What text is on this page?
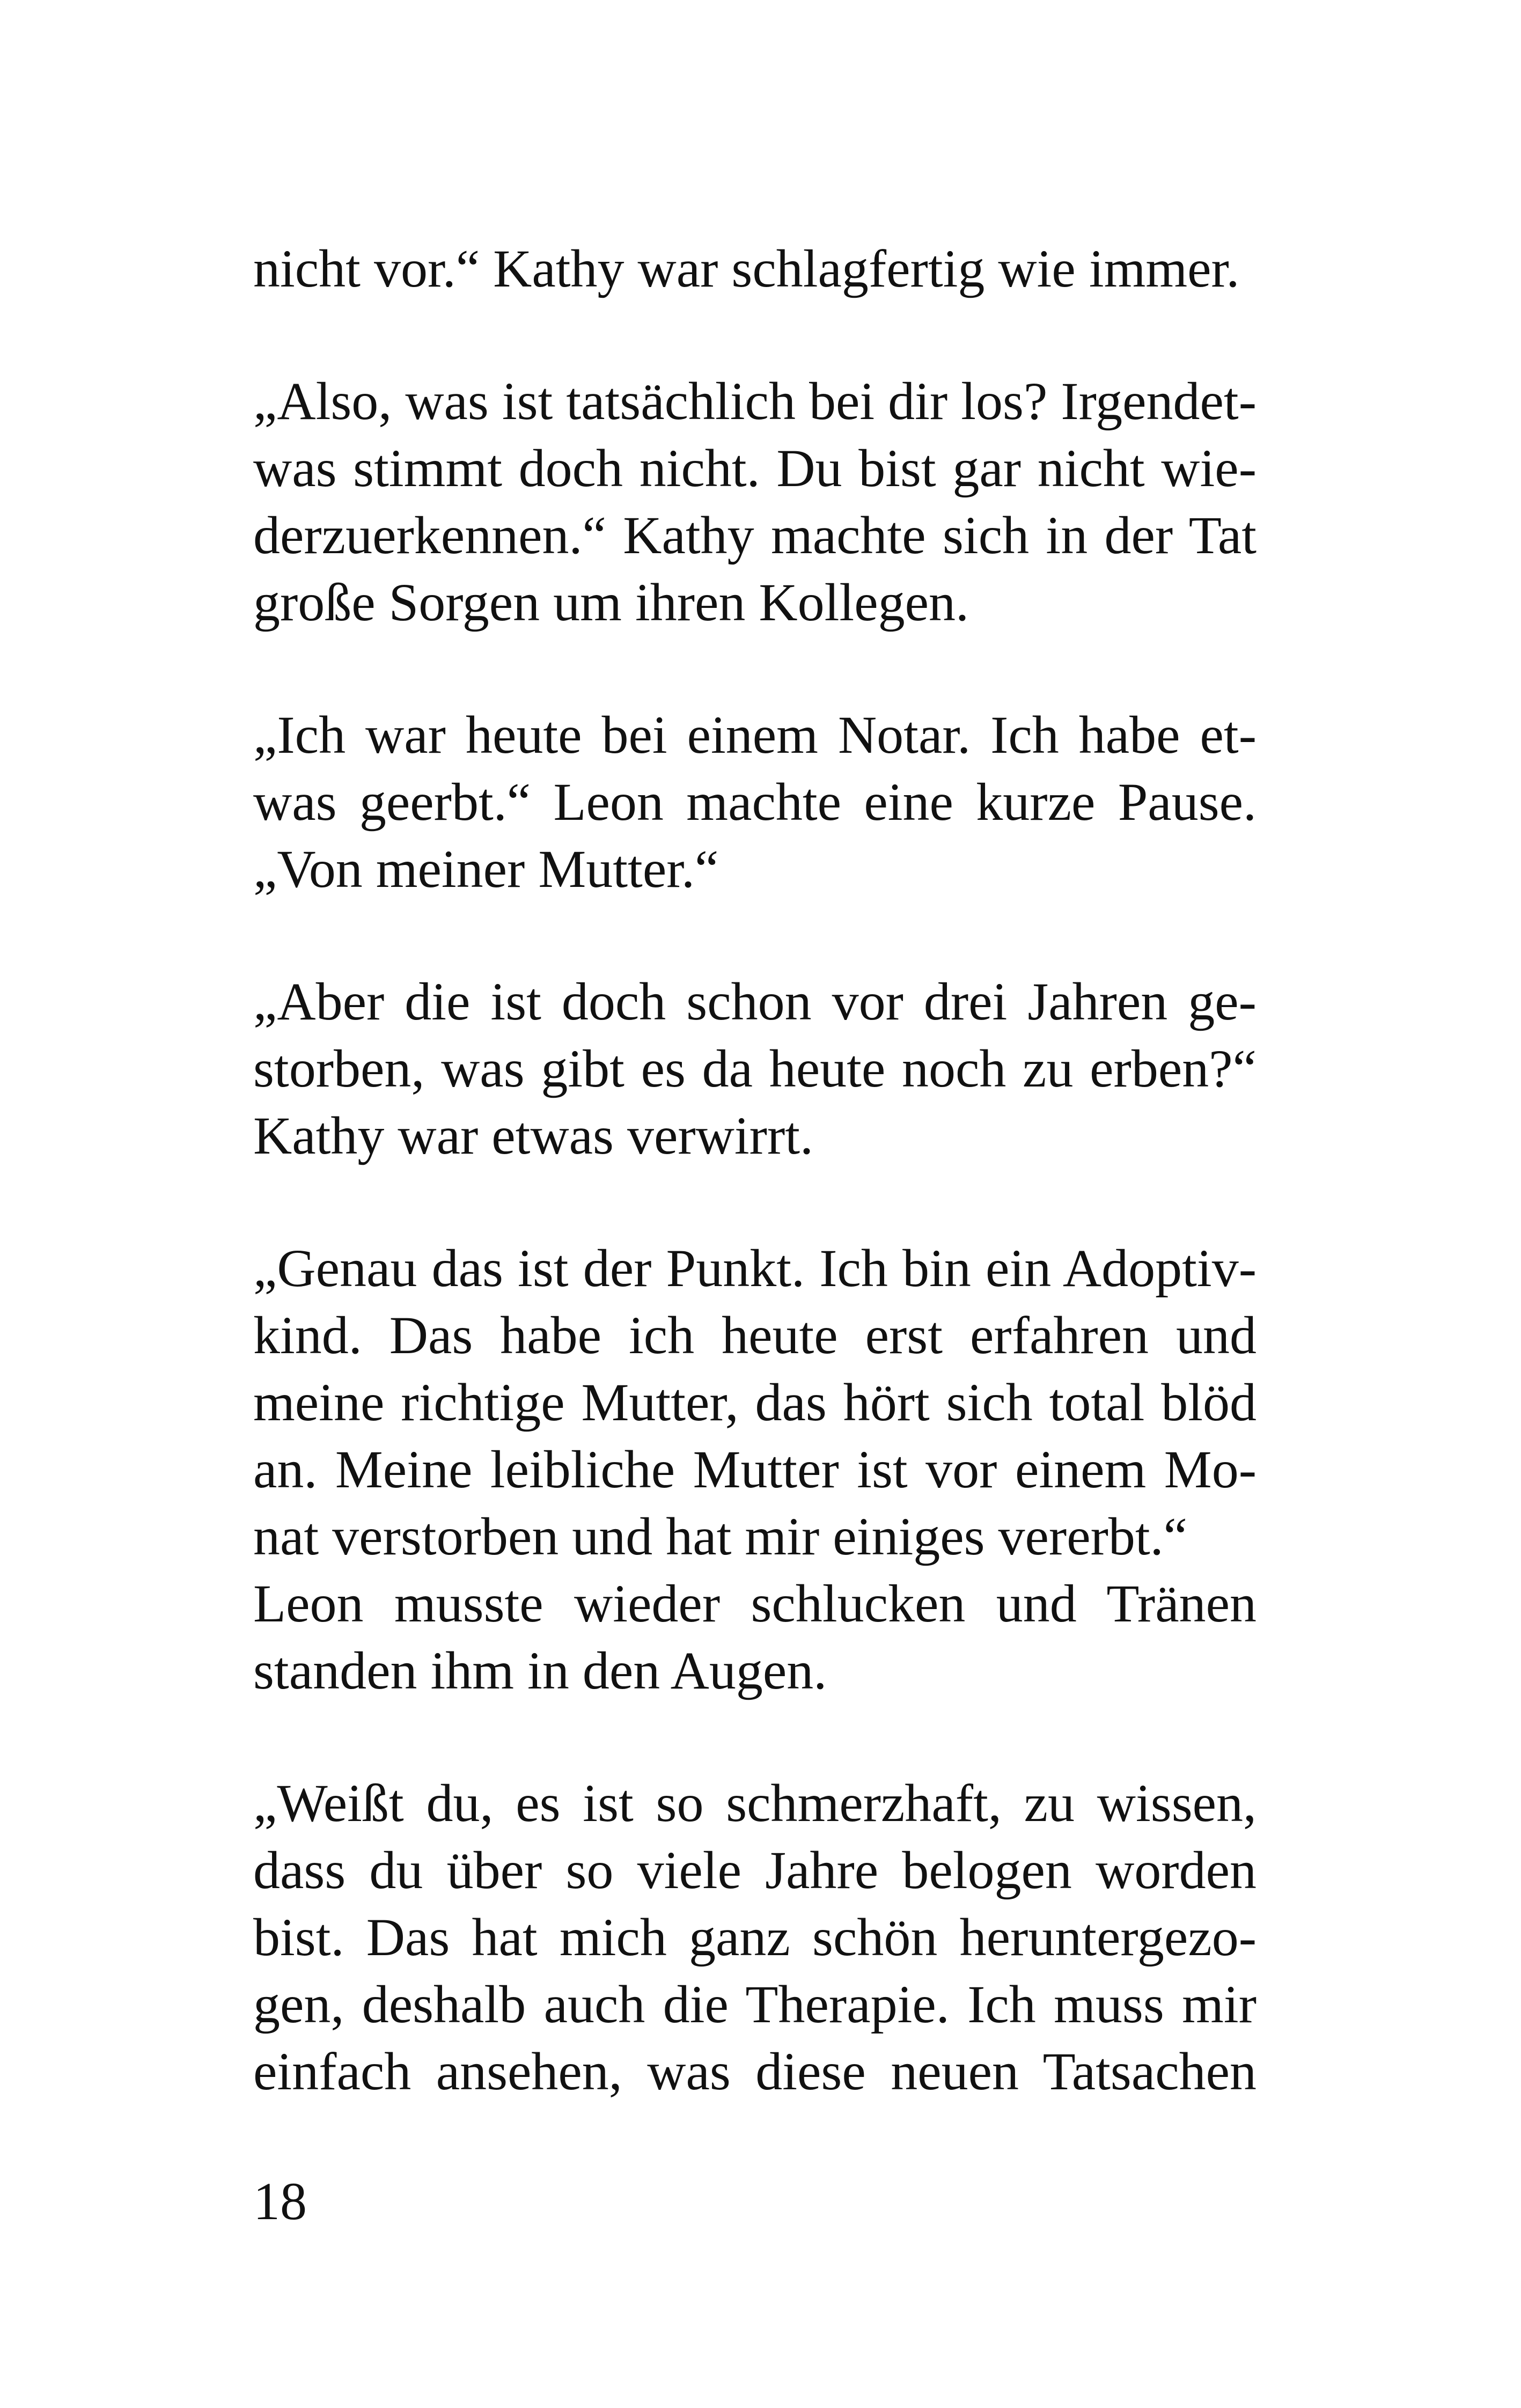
nicht vor.“ Kathy war schlagfertig wie immer.
„Also, was ist tatsächlich bei dir los? Irgendet-
was stimmt doch nicht. Du bist gar nicht wie-
derzuerkennen.“ Kathy machte sich in der Tat
große Sorgen um ihren Kollegen.
„Ich war heute bei einem Notar. Ich habe et-
was geerbt.“ Leon machte eine kurze Pause.
„Von meiner Mutter.“
„Aber die ist doch schon vor drei Jahren ge-
storben, was gibt es da heute noch zu erben?“
Kathy war etwas verwirrt.
„Genau das ist der Punkt. Ich bin ein Adoptiv-
kind. Das habe ich heute erst erfahren und
meine richtige Mutter, das hört sich total blöd
an. Meine leibliche Mutter ist vor einem Mo-
nat verstorben und hat mir einiges vererbt.“
Leon musste wieder schlucken und Tränen
standen ihm in den Augen.
„Weißt du, es ist so schmerzhaft, zu wissen,
dass du über so viele Jahre belogen worden
bist. Das hat mich ganz schön heruntergezo-
gen, deshalb auch die Therapie. Ich muss mir
einfach ansehen, was diese neuen Tatsachen
18
